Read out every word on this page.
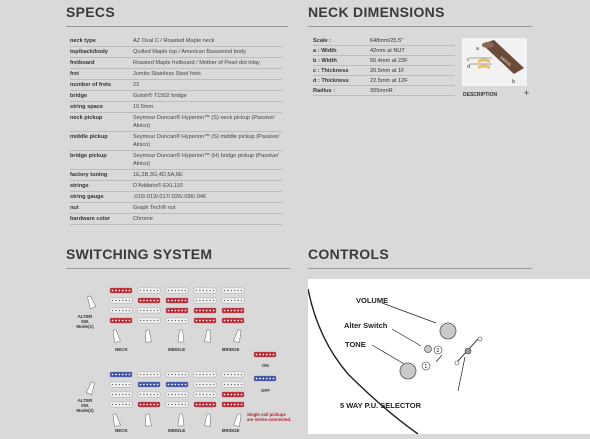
SPECS
neck type	AZ Oval C / Roasted Maple neck
top/back/body	Quilted Maple top / American Basswood body
fretboard	Roasted Maple fretboard / Mother of Pearl dot inlay
fret	Jumbo Stainless Steel frets
number of frets	22
bridge	Gotoh® T1502 bridge
string space	10.5mm
neck pickup	Seymour Duncan® Hyperion™ (S) neck pickup (Passive/ Alnico)
middle pickup	Seymour Duncan® Hyperion™ (S) middle pickup (Passive/ Alnico)
bridge pickup	Seymour Duncan® Hyperion™ (H) bridge pickup (Passive/ Alnico)
factory tuning	1E,2B,3G,4D,5A,6E
strings	D'Addario® EXL110
string gauge	.010/.013/.017/.026/.036/.046
nut	Graph Tech® nut
hardware color	Chrome
NECK DIMENSIONS
Scale :	648mm/25.5"
a : Width	42mm at NUT
b : Width	56.4mm at 22F
c : Thickness	20.5mm at 1F
d : Thickness	22.5mm at 12F
Radius :	305mmR
a
b
c
d
RADIUS
DESCRIPTION	+
SWITCHING SYSTEM
ALTER SW. Mode(1)
ALTER SW. Mode(2)
NECK	MIDDLE	BRIDGE
NECK	MIDDLE	BRIDGE
ON
OFF
Single coil pickups are series-connected.
CONTROLS
2
1
VOLUME
Alter Switch
TONE
5 WAY P.U. SELECTOR
